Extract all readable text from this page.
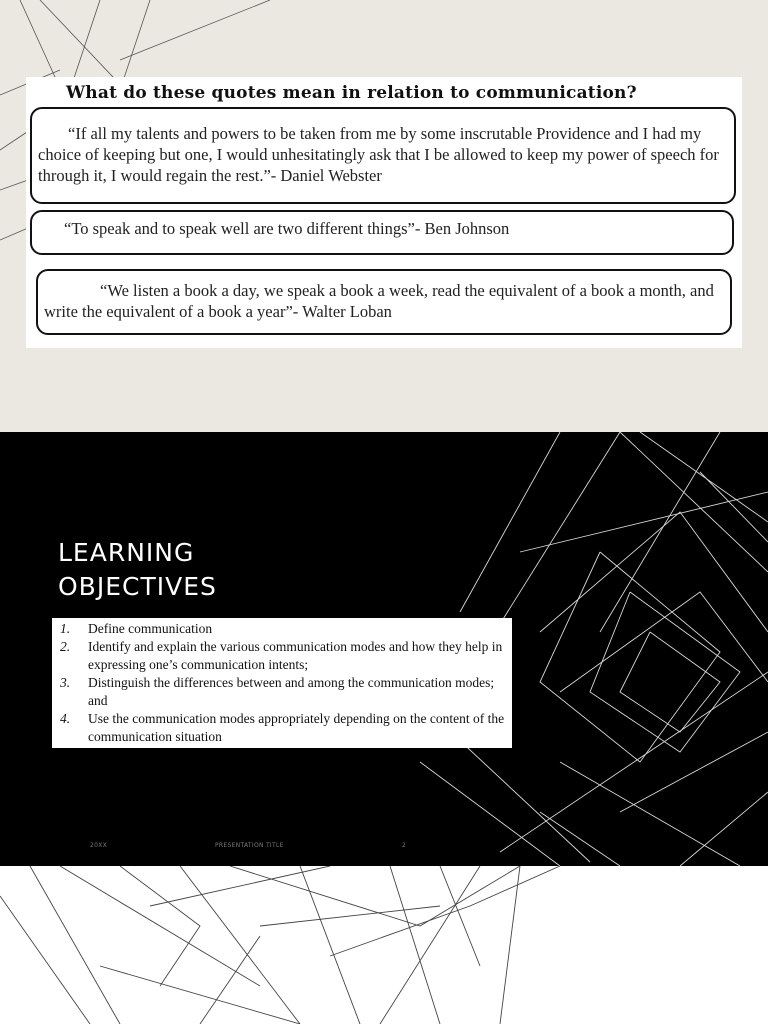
What do these quotes mean in relation to communication?

“If all my talents and powers to be taken from me by some inscrutable Providence and I had my choice of keeping but one, I would unhesitatingly ask that I be allowed to keep my power of speech for through it, I would regain the rest.”- Daniel Webster

“To speak and to speak well are two different things”- Ben Johnson

“We listen a book a day, we speak a book a week, read the equivalent of a book a month, and write the equivalent of a book a year”- Walter Loban

LEARNING
OBJECTIVES
1.	Define communication
2.	Identify and explain the various communication modes and how they help in expressing one’s communication intents;
3.	Distinguish the differences between and among the communication modes; and
4.	Use the communication modes appropriately depending on the content of the communication situation
20XX	PRESENTATION TITLE	2
